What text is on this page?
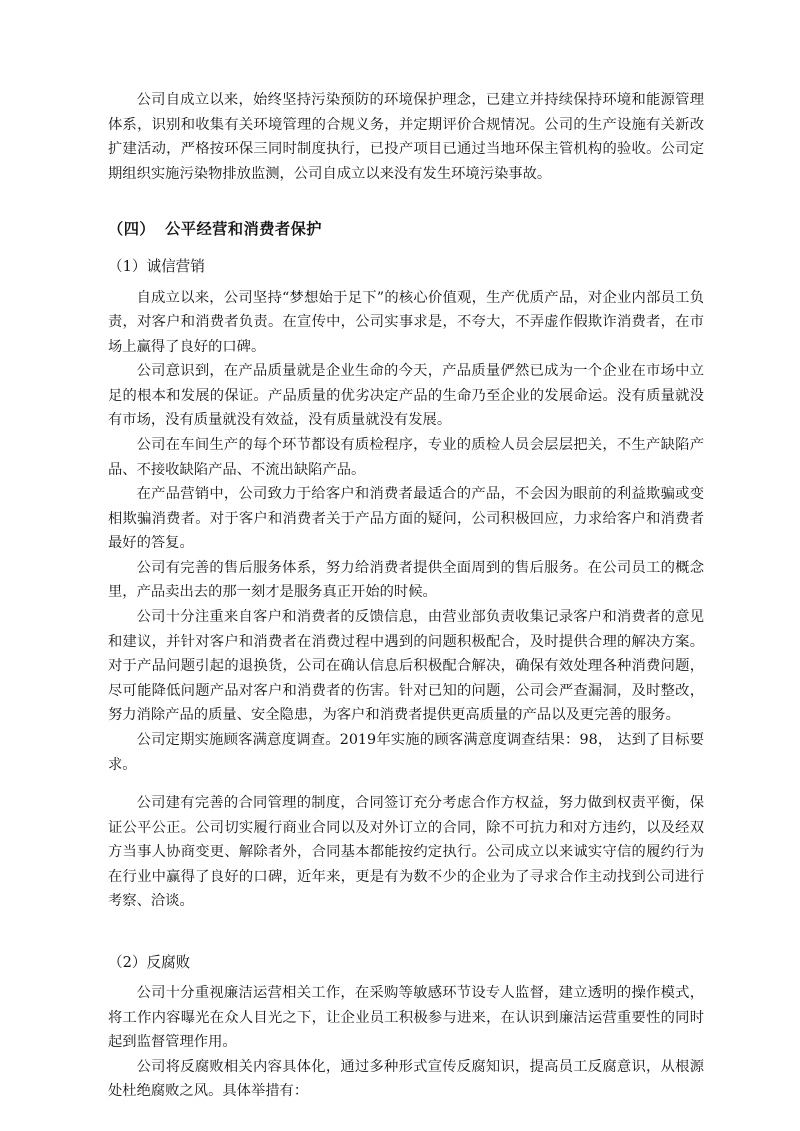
公司自成立以来，始终坚持污染预防的环境保护理念，已建立并持续保持环境和能源管理体系，识别和收集有关环境管理的合规义务，并定期评价合规情况。公司的生产设施有关新改扩建活动，严格按环保三同时制度执行，已投产项目已通过当地环保主管机构的验收。公司定期组织实施污染物排放监测，公司自成立以来没有发生环境污染事故。

（四） 公平经营和消费者保护

（1）诚信营销

自成立以来，公司坚持“梦想始于足下”的核心价值观，生产优质产品，对企业内部员工负责，对客户和消费者负责。在宣传中，公司实事求是，不夸大，不弄虚作假欺诈消费者，在市场上赢得了良好的口碑。

公司意识到，在产品质量就是企业生命的今天，产品质量俨然已成为一个企业在市场中立足的根本和发展的保证。产品质量的优劣决定产品的生命乃至企业的发展命运。没有质量就没有市场，没有质量就没有效益，没有质量就没有发展。

公司在车间生产的每个环节都设有质检程序，专业的质检人员会层层把关，不生产缺陷产品、不接收缺陷产品、不流出缺陷产品。

在产品营销中，公司致力于给客户和消费者最适合的产品，不会因为眼前的利益欺骗或变相欺骗消费者。对于客户和消费者关于产品方面的疑问，公司积极回应，力求给客户和消费者最好的答复。

公司有完善的售后服务体系，努力给消费者提供全面周到的售后服务。在公司员工的概念里，产品卖出去的那一刻才是服务真正开始的时候。

公司十分注重来自客户和消费者的反馈信息，由营业部负责收集记录客户和消费者的意见和建议，并针对客户和消费者在消费过程中遇到的问题积极配合，及时提供合理的解决方案。对于产品问题引起的退换货，公司在确认信息后积极配合解决，确保有效处理各种消费问题，尽可能降低问题产品对客户和消费者的伤害。针对已知的问题，公司会严查漏洞，及时整改，努力消除产品的质量、安全隐患，为客户和消费者提供更高质量的产品以及更完善的服务。

公司定期实施顾客满意度调查。2019年实施的顾客满意度调查结果：98， 达到了目标要求。

公司建有完善的合同管理的制度，合同签订充分考虑合作方权益，努力做到权责平衡，保证公平公正。公司切实履行商业合同以及对外订立的合同，除不可抗力和对方违约，以及经双方当事人协商变更、解除者外，合同基本都能按约定执行。公司成立以来诚实守信的履约行为在行业中赢得了良好的口碑，近年来，更是有为数不少的企业为了寻求合作主动找到公司进行考察、洽谈。

（2）反腐败

公司十分重视廉洁运营相关工作，在采购等敏感环节设专人监督，建立透明的操作模式，将工作内容曝光在众人目光之下，让企业员工积极参与进来，在认识到廉洁运营重要性的同时起到监督管理作用。

公司将反腐败相关内容具体化，通过多种形式宣传反腐知识，提高员工反腐意识，从根源处杜绝腐败之风。具体举措有：
